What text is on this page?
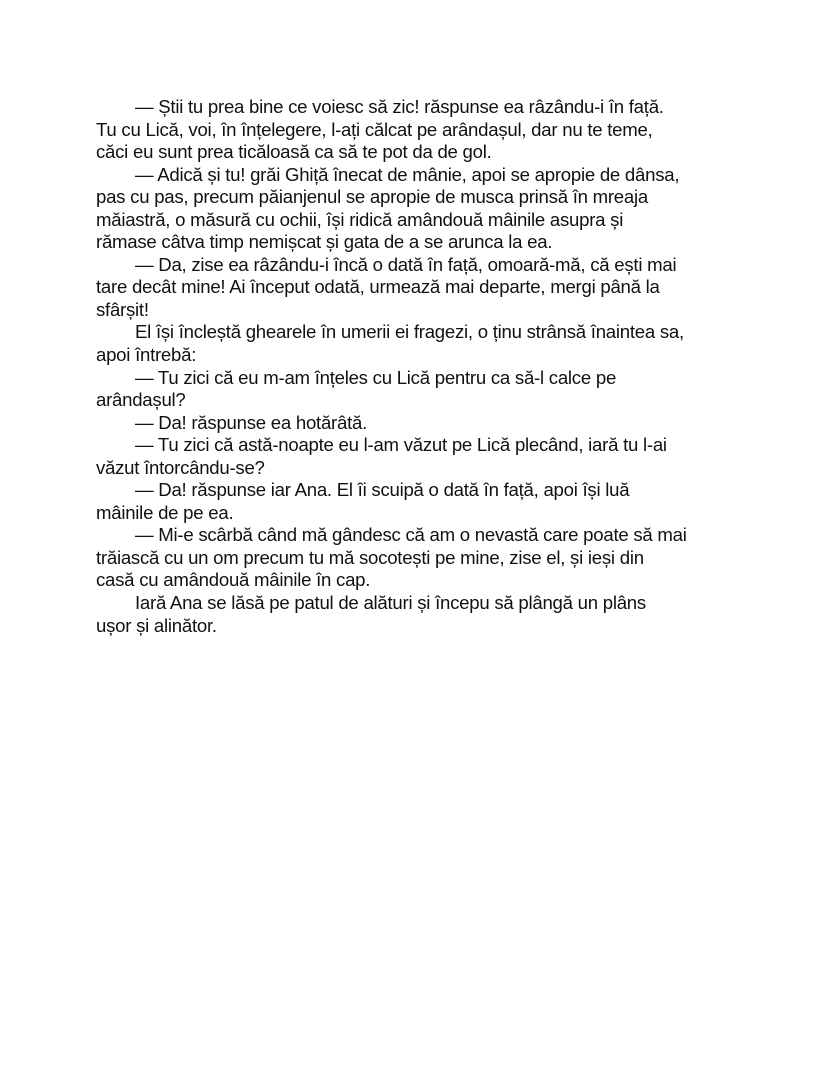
— Știi tu prea bine ce voiesc să zic! răspunse ea râzându-i în față.
Tu cu Lică, voi, în înțelegere, l-ați călcat pe arândașul, dar nu te teme,
căci eu sunt prea ticăloasă ca să te pot da de gol.
— Adică și tu! grăi Ghiță înecat de mânie, apoi se apropie de dânsa,
pas cu pas, precum păianjenul se apropie de musca prinsă în mreaja
măiastră, o măsură cu ochii, își ridică amândouă mâinile asupra și
rămase câtva timp nemișcat și gata de a se arunca la ea.
— Da, zise ea râzându-i încă o dată în față, omoară-mă, că ești mai
tare decât mine! Ai început odată, urmează mai departe, mergi până la
sfârșit!
El își încleștă ghearele în umerii ei fragezi, o ținu strânsă înaintea sa,
apoi întrebă:
— Tu zici că eu m-am înțeles cu Lică pentru ca să-l calce pe
arândașul?
— Da! răspunse ea hotărâtă.
— Tu zici că astă-noapte eu l-am văzut pe Lică plecând, iară tu l-ai
văzut întorcându-se?
— Da! răspunse iar Ana. El îi scuipă o dată în față, apoi își luă
mâinile de pe ea.
— Mi-e scârbă când mă gândesc că am o nevastă care poate să mai
trăiască cu un om precum tu mă socotești pe mine, zise el, și ieși din
casă cu amândouă mâinile în cap.
Iară Ana se lăsă pe patul de alături și începu să plângă un plâns
ușor și alinător.
